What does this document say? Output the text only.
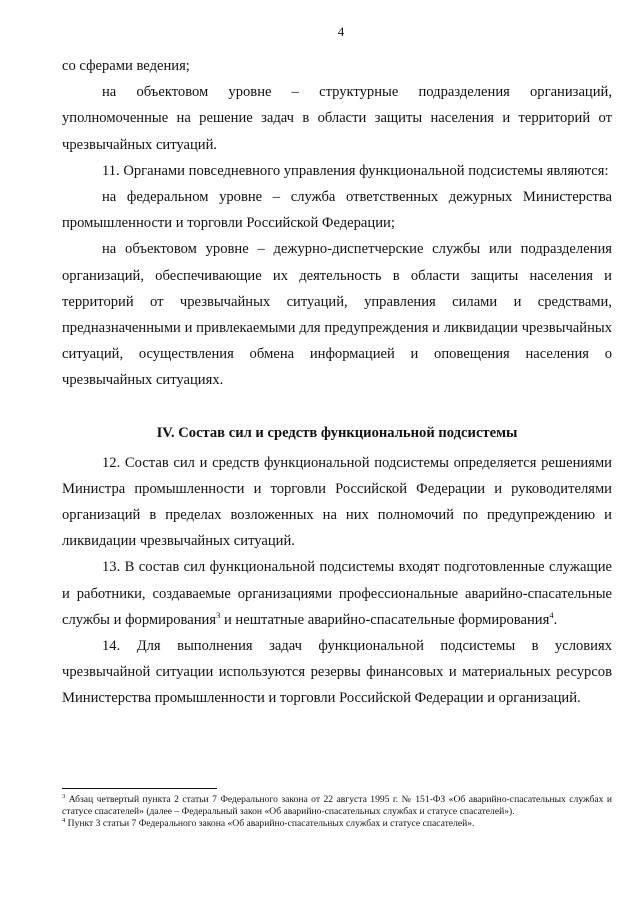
4

со сферами ведения;

на объектовом уровне – структурные подразделения организаций, уполномоченные на решение задач в области защиты населения и территорий от чрезвычайных ситуаций.

11. Органами повседневного управления функциональной подсистемы являются:

на федеральном уровне – служба ответственных дежурных Министерства промышленности и торговли Российской Федерации;

на объектовом уровне – дежурно-диспетчерские службы или подразделения организаций, обеспечивающие их деятельность в области защиты населения и территорий от чрезвычайных ситуаций, управления силами и средствами, предназначенными и привлекаемыми для предупреждения и ликвидации чрезвычайных ситуаций, осуществления обмена информацией и оповещения населения о чрезвычайных ситуациях.

IV. Состав сил и средств функциональной подсистемы

12. Состав сил и средств функциональной подсистемы определяется решениями Министра промышленности и торговли Российской Федерации и руководителями организаций в пределах возложенных на них полномочий по предупреждению и ликвидации чрезвычайных ситуаций.

13. В состав сил функциональной подсистемы входят подготовленные служащие и работники, создаваемые организациями профессиональные аварийно-спасательные службы и формирования$^3$ и нештатные аварийно-спасательные формирования$^4$.

14. Для выполнения задач функциональной подсистемы в условиях чрезвычайной ситуации используются резервы финансовых и материальных ресурсов Министерства промышленности и торговли Российской Федерации и организаций.

$^3$ Абзац четвертый пункта 2 статьи 7 Федерального закона от 22 августа 1995 г. № 151-ФЗ «Об аварийно-спасательных службах и статусе спасателей» (далее – Федеральный закон «Об аварийно-спасательных службах и статусе спасателей»).

$^4$ Пункт 3 статьи 7 Федерального закона «Об аварийно-спасательных службах и статусе спасателей».
